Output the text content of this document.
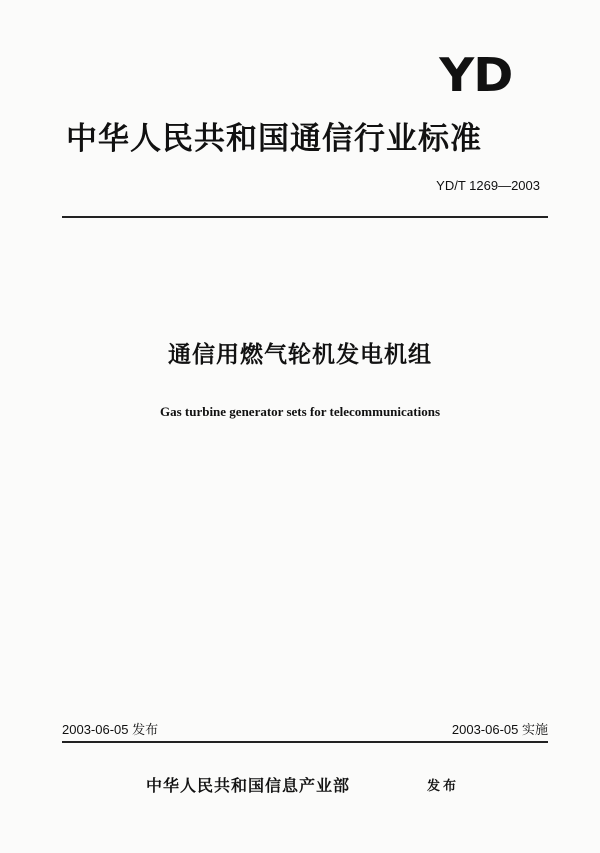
YD
中华人民共和国通信行业标准
YD/T 1269—2003
通信用燃气轮机发电机组
Gas turbine generator sets for telecommunications
2003-06-05 发布	2003-06-05 实施
中华人民共和国信息产业部	发布
